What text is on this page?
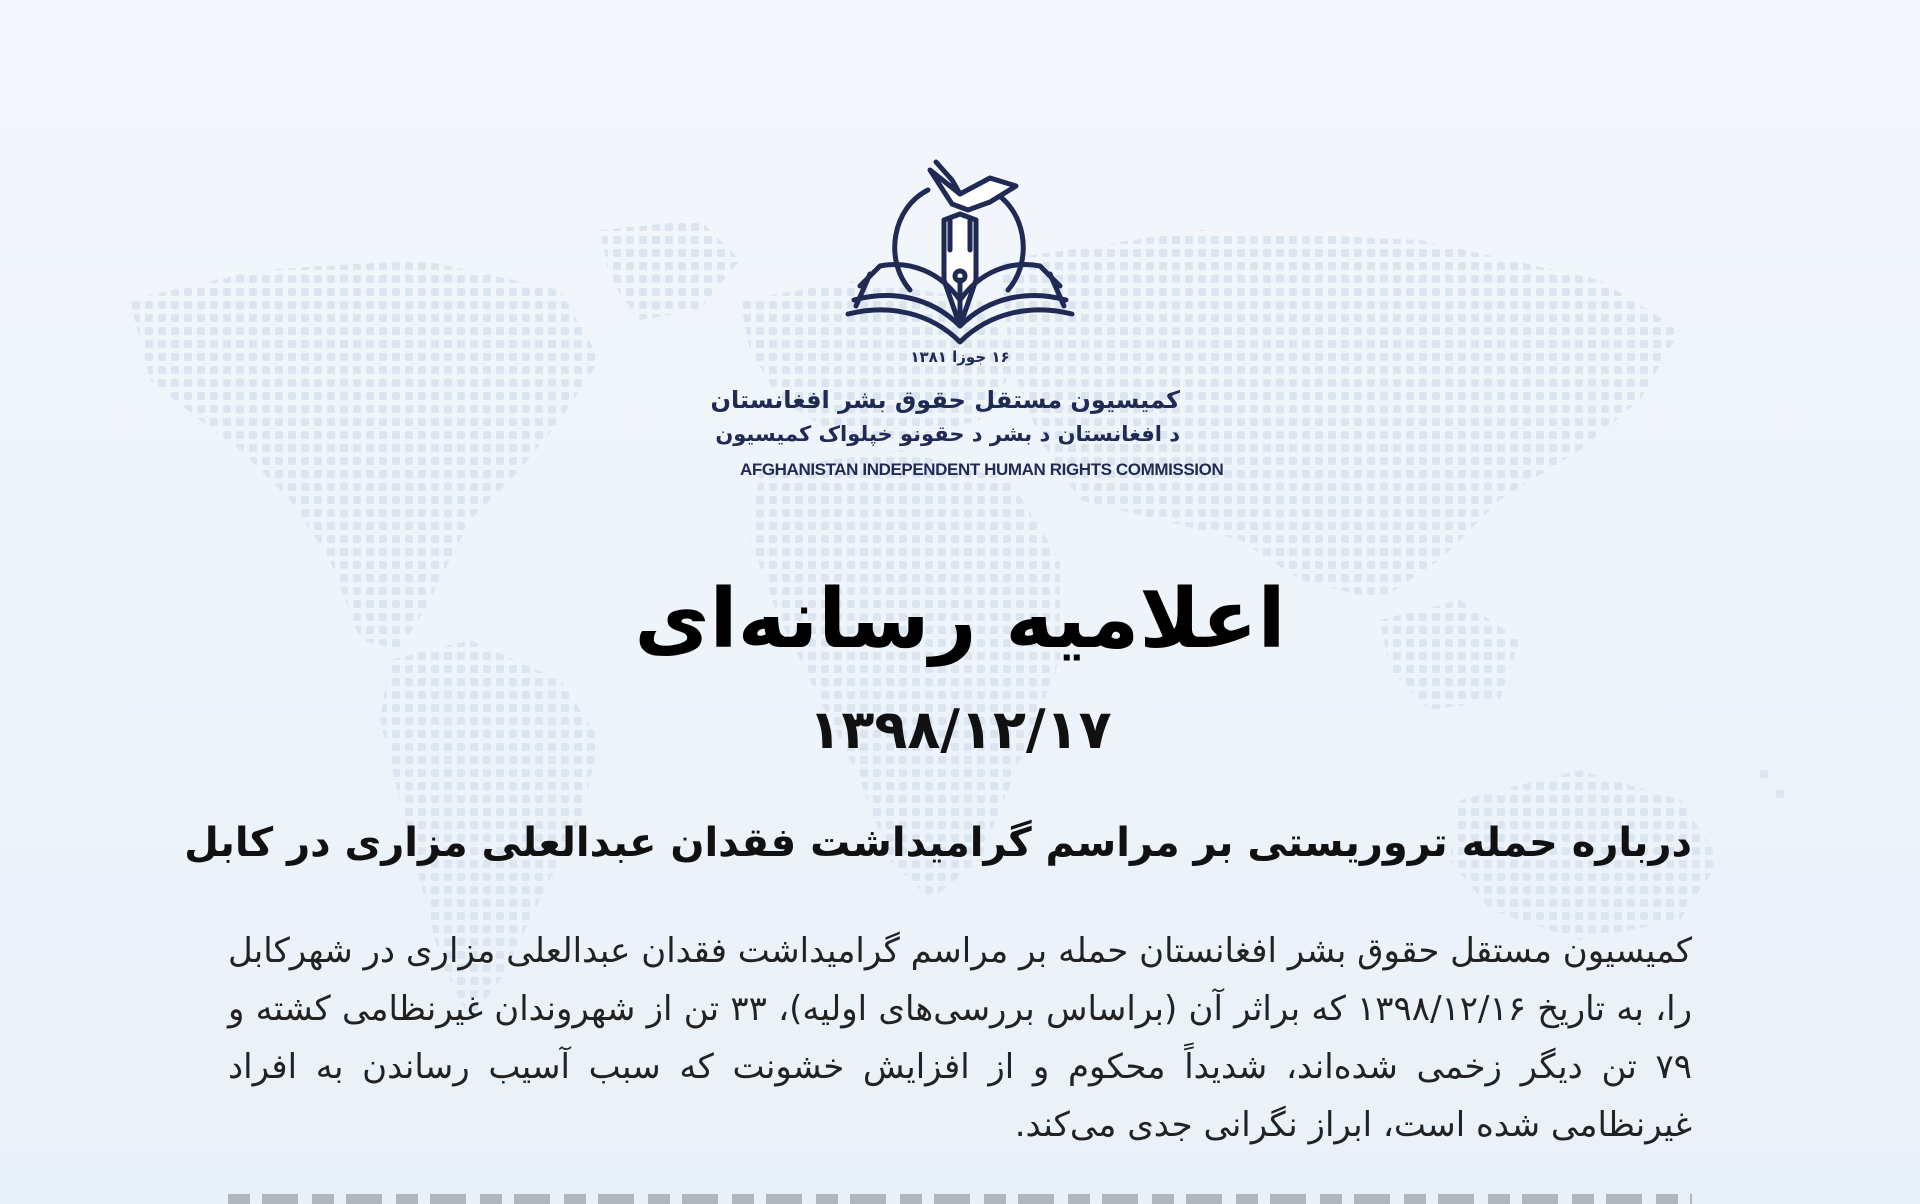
۱۶ جوزا ۱۳۸۱
کمیسیون مستقل حقوق بشر افغانستان
د افغانستان د بشر د حقونو خپلواک کمیسیون
AFGHANISTAN INDEPENDENT HUMAN RIGHTS COMMISSION
اعلامیه رسانه‌ای
۱۳۹۸/۱۲/۱۷
درباره حمله تروریستی بر مراسم گرامیداشت فقدان عبدالعلی مزاری در کابل

کمیسیون مستقل حقوق بشر افغانستان حمله بر مراسم گرامیداشت فقدان عبدالعلی مزاری در شهرکابل را، به تاریخ ۱۳۹۸/۱۲/۱۶ که براثر آن (براساس بررسی‌های اولیه)، ۳۳ تن از شهروندان غیرنظامی کشته و ۷۹ تن دیگر زخمی شده‌اند، شدیداً محکوم و از افزایش خشونت که سبب آسیب رساندن به افراد غیرنظامی شده است، ابراز نگرانی جدی می‌کند.
